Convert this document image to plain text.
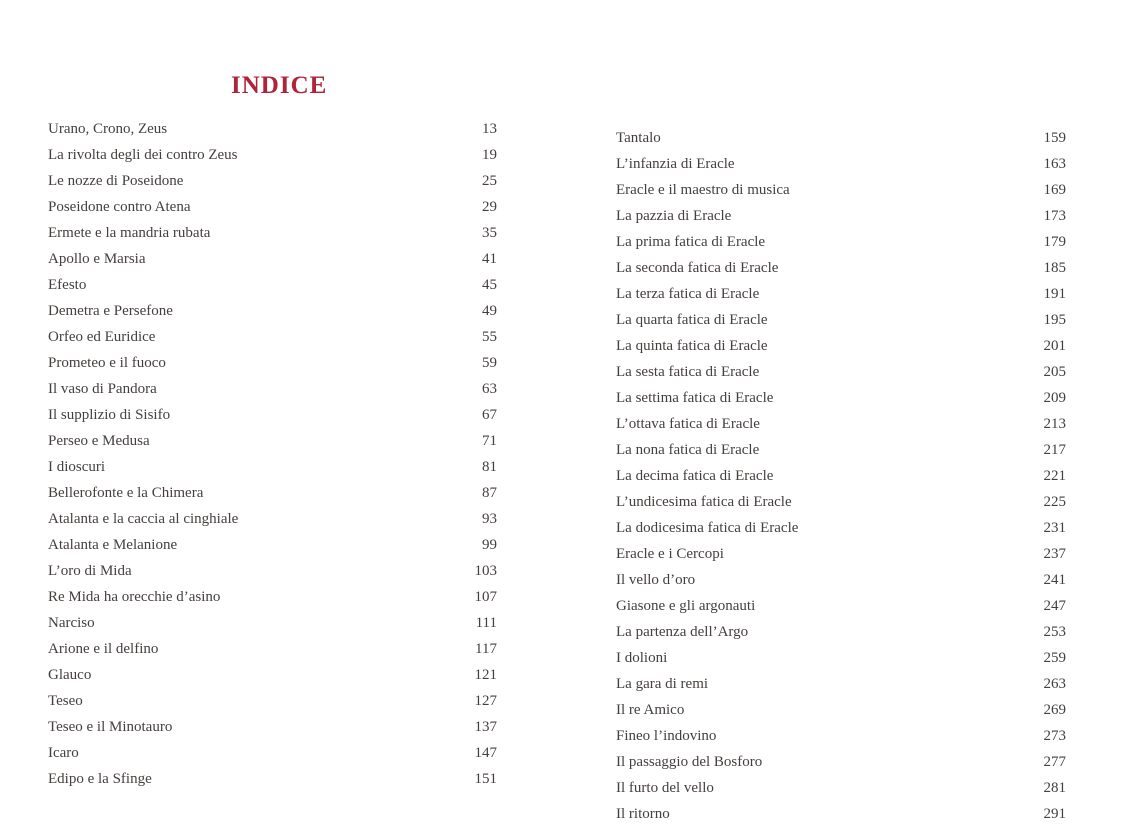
INDICE
Urano, Crono, Zeus	13
La rivolta degli dei contro Zeus	19
Le nozze di Poseidone	25
Poseidone contro Atena	29
Ermete e la mandria rubata	35
Apollo e Marsia	41
Efesto	45
Demetra e Persefone	49
Orfeo ed Euridice	55
Prometeo e il fuoco	59
Il vaso di Pandora	63
Il supplizio di Sisifo	67
Perseo e Medusa	71
I dioscuri	81
Bellerofonte e la Chimera	87
Atalanta e la caccia al cinghiale	93
Atalanta e Melanione	99
L’oro di Mida	103
Re Mida ha orecchie d’asino	107
Narciso	111
Arione e il delfino	117
Glauco	121
Teseo	127
Teseo e il Minotauro	137
Icaro	147
Edipo e la Sfinge	151
Tantalo	159
L’infanzia di Eracle	163
Eracle e il maestro di musica	169
La pazzia di Eracle	173
La prima fatica di Eracle	179
La seconda fatica di Eracle	185
La terza fatica di Eracle	191
La quarta fatica di Eracle	195
La quinta fatica di Eracle	201
La sesta fatica di Eracle	205
La settima fatica di Eracle	209
L’ottava fatica di Eracle	213
La nona fatica di Eracle	217
La decima fatica di Eracle	221
L’undicesima fatica di Eracle	225
La dodicesima fatica di Eracle	231
Eracle e i Cercopi	237
Il vello d’oro	241
Giasone e gli argonauti	247
La partenza dell’Argo	253
I dolioni	259
La gara di remi	263
Il re Amico	269
Fineo l’indovino	273
Il passaggio del Bosforo	277
Il furto del vello	281
Il ritorno	291
